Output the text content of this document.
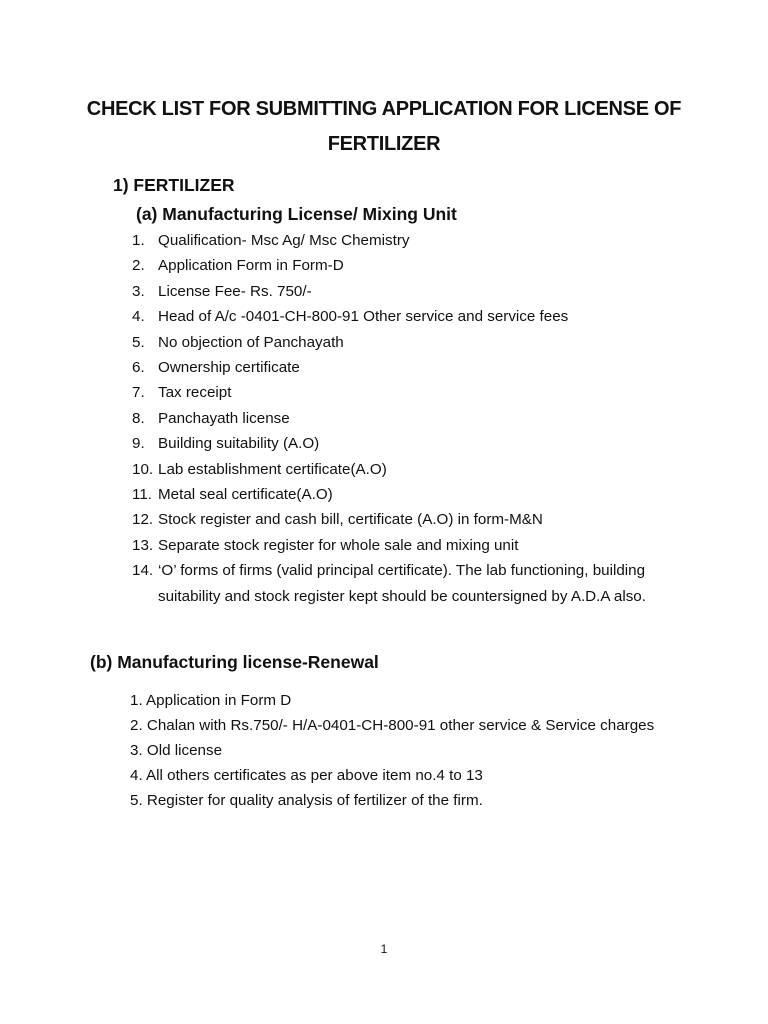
CHECK LIST FOR SUBMITTING APPLICATION FOR LICENSE OF
FERTILIZER
1) FERTILIZER
(a) Manufacturing License/ Mixing Unit
1. Qualification- Msc Ag/ Msc Chemistry
2. Application Form in Form-D
3. License Fee- Rs. 750/-
4. Head of A/c -0401-CH-800-91 Other service and service fees
5. No objection of Panchayath
6. Ownership certificate
7. Tax receipt
8. Panchayath license
9. Building suitability (A.O)
10. Lab establishment certificate(A.O)
11. Metal seal certificate(A.O)
12. Stock register and cash bill, certificate (A.O) in form-M&N
13. Separate stock register for whole sale and mixing unit
14. ‘O’ forms of firms (valid principal certificate). The lab functioning, building suitability and stock register kept should be countersigned by A.D.A also.
(b) Manufacturing license-Renewal
1. Application in Form D
2. Chalan with Rs.750/- H/A-0401-CH-800-91 other service & Service charges
3. Old license
4. All others certificates as per above item no.4 to 13
5. Register for quality analysis of fertilizer of the firm.
1
